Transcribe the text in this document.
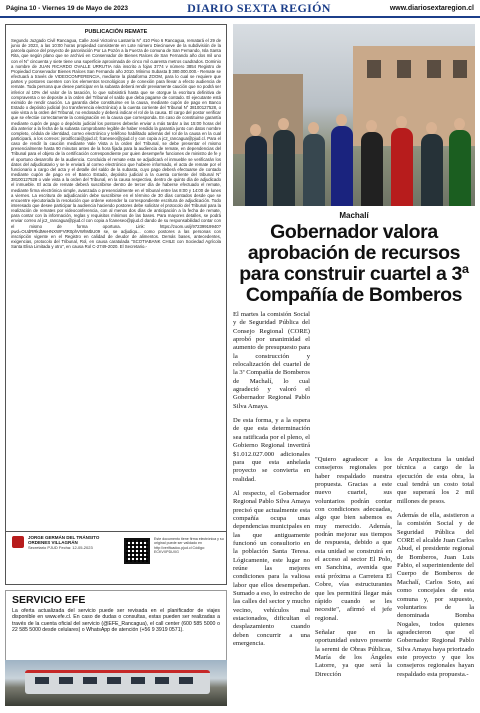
Página 10 - Viernes 19 de Mayo de 2023	DIARIO SEXTA REGIÓN	www.diariosextaregion.cl
PUBLICACIÓN REMATE
Segundo Juzgado Civil Rancagua, Calle José Victorino Lastarria N° 410 Piso 6 Rancagua, rematará el 29 de junio de 2023, a las 10:00 horas propiedad consistente en Lote número Diecinueve de la subdivisión de la parcela quince del proyecto de parcelación Por La Pozón a la Fuerza de comuna de San Fernando, Isla Santa Rita, que según plano que se archivó en Conservador de Bienes Raíces de San Fernando año dos mil uno con el N° cincuenta y siete tiene una superficie aproximada de cinco mil cuarenta metros cuadrados. Dominio a nombre de JUAN RICARDO OVALLE URRUTIA rola inscrito a fojas 3774 v número 3854 Registro de Propiedad Conservador Bienes Raíces San Fernando año 2010. Mínimo Subasta $ 380.000.000.- Remate se efectuará a través de VIDEOCONFERENCIA, mediante la plataforma ZOOM, para lo cual se requiere que partes y postores cuenten con los elementos tecnológicos y de conexión para llevar a efecto audiencia de remate. Toda persona que desee participar en la subasta deberá rendir previamente caución que no podrá ser inferior al 10% del valor de la tasación, lo que subsistirá hasta que se otorgue la escritura definitiva de compraventa o se deposite a la orden del Tribunal el saldo que deba pagarse de contado. El ejecutante está eximido de rendir caución. La garantía debe constituirse en la causa, mediante cupón de pago en Banco Estado o depósito judicial (no transferencia electrónica) a la cuenta corriente del Tribunal N° 38100127528, o vale vista a la orden del Tribunal, no endosado y deberá indicar el rol de la causa. El cargo del postor verificar que se efectúe correctamente la consignación en la causa que corresponda. En caso de constituirse garantía mediante cupón de pago o depósito judicial los postores deberán enviar a más tardar a las 15:00 horas del día anterior a la fecha de la subasta comprobante legible de haber rendido la garantía junto con datos nombre completo, cédula de identidad, correo electrónico y teléfono habilitado además del rol de la causa en la cual participará, a los correos: jsrodficcai@pjud.cl; fcaneseo@pjud.cl y con copia a jc2_rancagua@pjud.cl. Para el caso de rendir la caución mediante Vale Vista a la orden del Tribunal, se debe presentar el mismo presencialmente hasta 90 minutos antes de la hora fijada para la audiencia de remate, en dependencias del Tribunal para el objeto de la certificación correspondiente por quien desempeñe funciones de ministro de fe y el oportuno desarrollo de la audiencia. Concluida el remate esta se adjudicará el inmueble se verificarán los datos del adjudicatario y se le enviará al correo electrónico que hubiere informado, el acta de remate por el funcionario a cargo del acta y el detalle del saldo de la subasta, cuyo pago deberá efectuarse de contado mediante cupón de pago en el Banco Estado, depósito judicial a la cuenta corriente del tribunal N° 38100127528 o vale vista a la orden del Tribunal, en la causa respectiva, dentro de quinto día de adjudicado el inmueble. El acta de remate deberá suscribirse dentro de tercer día de haberse efectuado el remate, mediante firma electrónica simple, avanzada o presencialmente en el tribunal entre las 8:00 y 14:00 de lunes a viernes. La escritura de adjudicación debe suscribirse en el término de 30 días contados desde que se encuentre ejecutoriada la resolución que ordene extender la correspondiente escritura de adjudicación. Todo interesado que desee participar la audiencia haciendo postores debe solicitar el protocolo del Tribunal para la realización de remates por videoconferencia, con al menos dos días de anticipación a la fecha de remate, para contar con la información, reglas y requisitos mínimos de las bases. Para mayores detalles, se podrá enviar correo al jc2_rancagua@pjud.cl con copia a fcaneseo@pjud.cl dando de su responsabilidad contar con el mismo de forma oportuna. Link: https://zoom.us/j/97239919940?pwd=OUdRRkdMeHNXWFVtR0phVWhMbU09 se, se adjudiqu... como postores a las personas con inscripción vigente en el Registro en calidad de deudor de alimentos. Demás bases, antecedentes, exigencias, protocolo del Tribunal, Rol, en causa caratulada "SCOTIABANK CHILE con Sociedad Agrícola Santa Elisa Limitada y otro", en causa Rol C-2749-2020. El Secretario.-
JORGE GERMÁN DEL TRÁNSITO ORDENES VILLAGRÁN
Secretario PJUD Fecha: 12-05-2023
Este documento tiene firma electrónica y su original puede ser validado en http://verificadoc.pjud.cl Código: ECKVXPDUXG
SERVICIO EFE
La oferta actualizada del servicio puede ser revisada en el planificador de viajes disponible en www.efe.cl. En caso de dudas o consultas, estas pueden ser realizadas a través de la cuenta oficial del servicio (@EFE_Rancagua), el call center (600 585 5000 o 22 585 5000 desde celulares) o WhatsApp de atención (+56 9 3919 0571).
Machalí
Gobernador valora aprobación de recursos para construir cuartel a 3ª Compañía de Bomberos

El martes la comisión Social y de Seguridad Pública del Consejo Regional (CORE) aprobó por unanimidad el aumento de presupuesto para la construcción y relocalización del cuartel de la 3ª Compañía de Bomberos de Machalí, lo cual agradeció y valoró el Gobernador Regional Pablo Silva Amaya.

De esta forma, y a la espera de que esta determinación sea ratificada por el pleno, el Gobierno Regional invertirá $1.012.027.000 adicionales para que esta anhelada proyecto se convierta en realidad.

Al respecto, el Gobernador Regional Pablo Silva Amaya precisó que actualmente esta compañía ocupa unas dependencias municipales en las que antiguamente funcionó un consultorio en la población Santa Teresa. Lógicamente, este lugar no reúne las mejores condiciones para la valiosa labor que ellos desempeñan. Sumado a eso, lo estrecho de las calles del sector y mucho vecino, vehículos mal estacionados, dificultan el desplazamiento cuando deben concurrir a una emergencia.

"Quiero agradecer a los consejeros regionales por haber respaldado nuestra propuesta. Gracias a este nuevo cuartel, sus voluntarios podrán contar con condiciones adecuadas, algo que bien sabemos es muy merecido. Además, podrán mejorar sus tiempos de respuesta, debido a que esta unidad se construirá en el acceso al sector El Polo, en Sanchina, avenida que está próxima a Carretera El Cobre, vías estructurantes que les permitirá llegar más rápido cuando se les necesite", afirmó el jefe regional.

Señalar que en la oportunidad estuvo presente la seremi de Obras Públicas, María de los Ángeles Latorre, ya que será la Dirección

de Arquitectura la unidad técnica a cargo de la ejecución de esta obra, la cual tendrá un costo total que superará los 2 mil millones de pesos.

Además de ella, asistieron a la comisión Social y de Seguridad Pública del CORE el alcalde Juan Carlos Abud, el presidente regional de Bomberos, Juan Luis Fabio, el superintendente del Cuerpo de Bomberos de Machalí, Carlos Soto, así como concejales de esta comuna y, por supuesto, voluntarios de la denominada Bomba Nogales, todos quienes agradecieron que el Gobernador Regional Pablo Silva Amaya haya priorizado este proyecto y que los consejeros regionales hayan respaldado esta propuesta.-
